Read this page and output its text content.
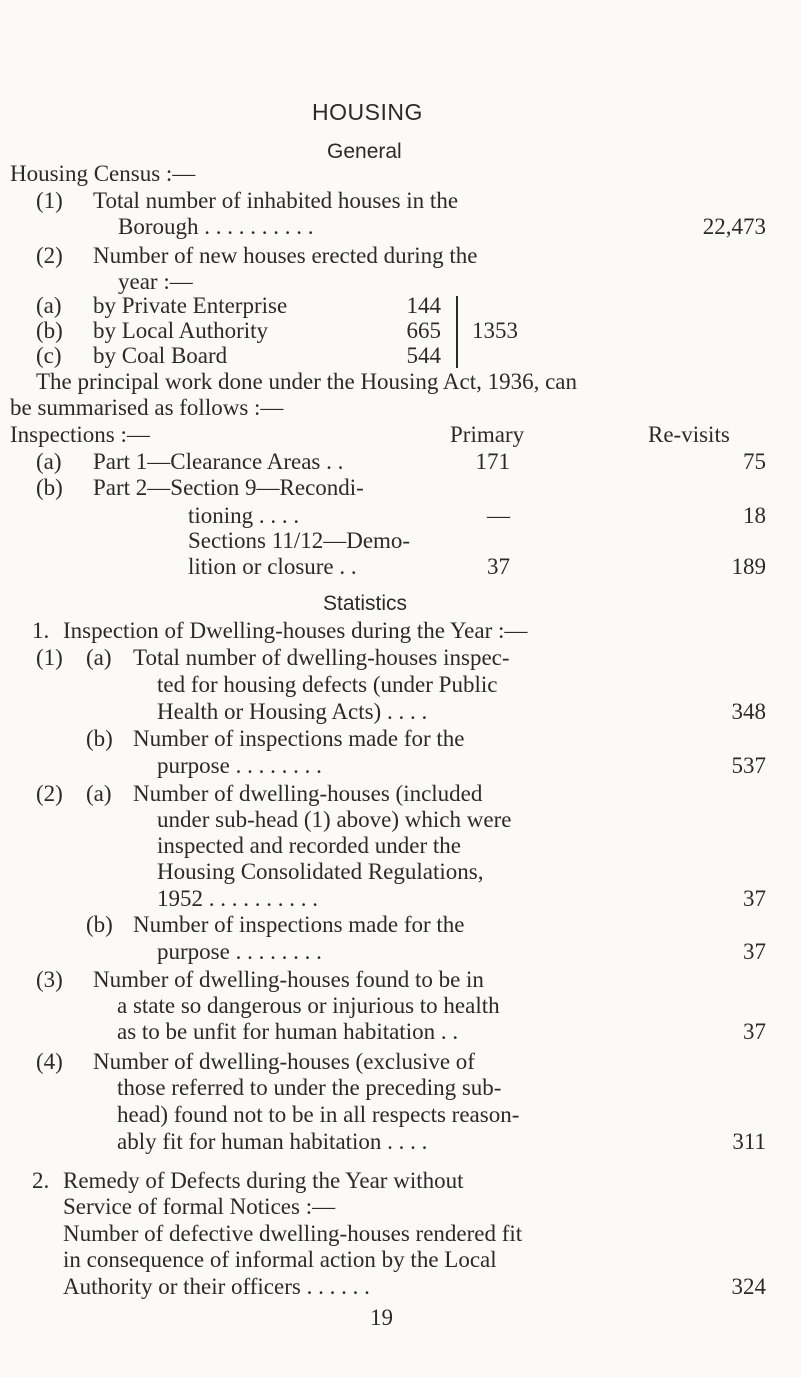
HOUSING
General
Housing Census :—
(1) Total number of inhabited houses in the
Borough . . . . . . . . . .	22,473
(2) Number of new houses erected during the
year :—
(a) by Private Enterprise	144
(b) by Local Authority	665
(c) by Coal Board	544
1353
The principal work done under the Housing Act, 1936, can
be summarised as follows :—
Inspections :—	Primary	Re-visits
(a) Part 1—Clearance Areas . .	171	75
(b) Part 2—Section 9—Recondi-
tioning . . . .	—	18
Sections 11/12—Demo-
lition or closure . .	37	189
Statistics
1. Inspection of Dwelling-houses during the Year :—
(1) (a) Total number of dwelling-houses inspec-
ted for housing defects (under Public
Health or Housing Acts) . . . .	348
(b) Number of inspections made for the
purpose . . . . . . . .	537
(2) (a) Number of dwelling-houses (included
under sub-head (1) above) which were
inspected and recorded under the
Housing Consolidated Regulations,
1952 . . . . . . . . . .	37
(b) Number of inspections made for the
purpose . . . . . . . .	37
(3) Number of dwelling-houses found to be in
a state so dangerous or injurious to health
as to be unfit for human habitation . .	37
(4) Number of dwelling-houses (exclusive of
those referred to under the preceding sub-
head) found not to be in all respects reason-
ably fit for human habitation . . . .	311
2. Remedy of Defects during the Year without
Service of formal Notices :—
Number of defective dwelling-houses rendered fit
in consequence of informal action by the Local
Authority or their officers . . . . . .	324
19
